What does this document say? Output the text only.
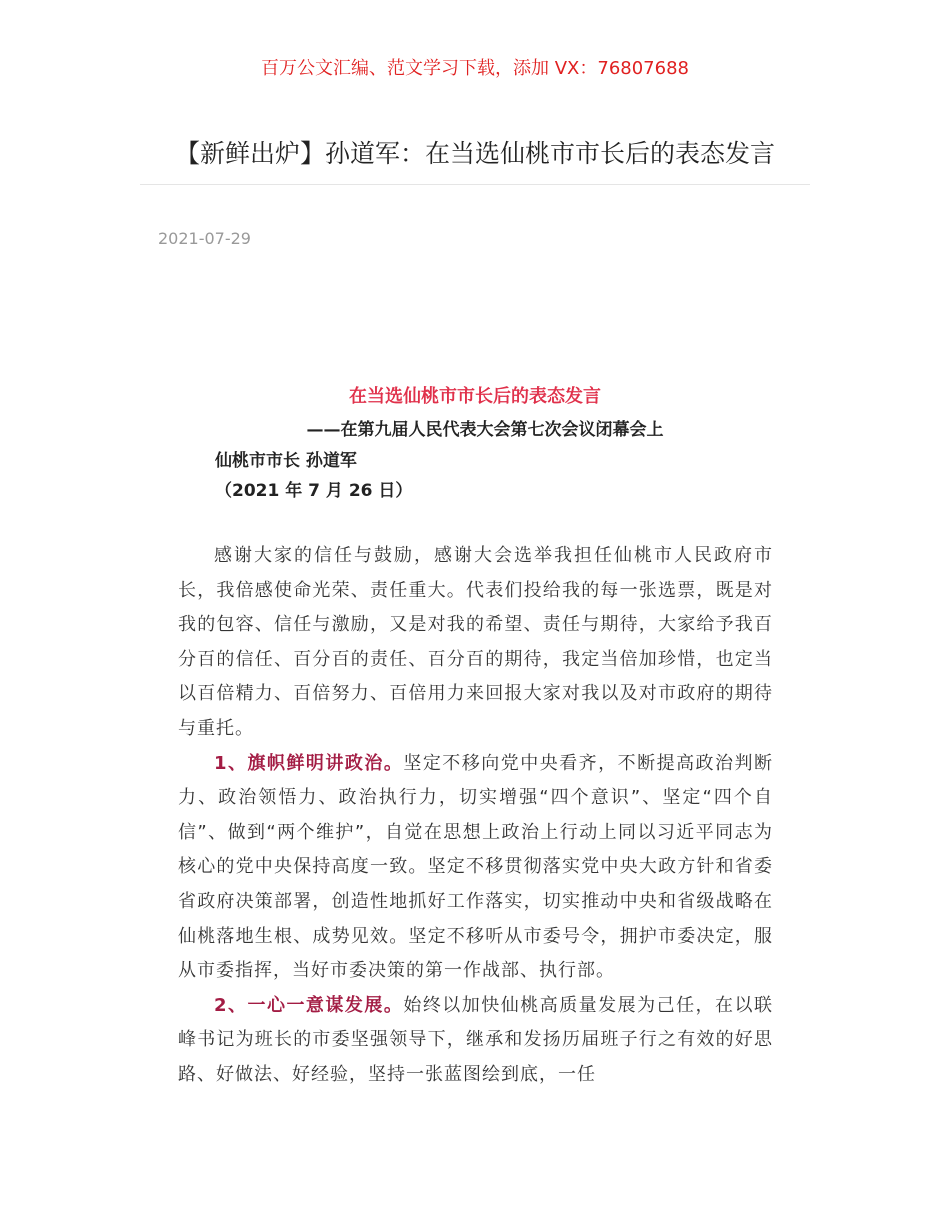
百万公文汇编、范文学习下载，添加 VX：76807688
【新鲜出炉】孙道军：在当选仙桃市市长后的表态发言
2021-07-29
在当选仙桃市市长后的表态发言
——在第九届人民代表大会第七次会议闭幕会上
仙桃市市长 孙道军
（2021 年 7 月 26 日）

感谢大家的信任与鼓励，感谢大会选举我担任仙桃市人民政府市长，我倍感使命光荣、责任重大。代表们投给我的每一张选票，既是对我的包容、信任与激励，又是对我的希望、责任与期待，大家给予我百分百的信任、百分百的责任、百分百的期待，我定当倍加珍惜，也定当以百倍精力、百倍努力、百倍用力来回报大家对我以及对市政府的期待与重托。

1、旗帜鲜明讲政治。坚定不移向党中央看齐，不断提高政治判断力、政治领悟力、政治执行力，切实增强“四个意识”、坚定“四个自信”、做到“两个维护”，自觉在思想上政治上行动上同以习近平同志为核心的党中央保持高度一致。坚定不移贯彻落实党中央大政方针和省委省政府决策部署，创造性地抓好工作落实，切实推动中央和省级战略在仙桃落地生根、成势见效。坚定不移听从市委号令，拥护市委决定，服从市委指挥，当好市委决策的第一作战部、执行部。

2、一心一意谋发展。始终以加快仙桃高质量发展为己任，在以联峰书记为班长的市委坚强领导下，继承和发扬历届班子行之有效的好思路、好做法、好经验，坚持一张蓝图绘到底，一任
